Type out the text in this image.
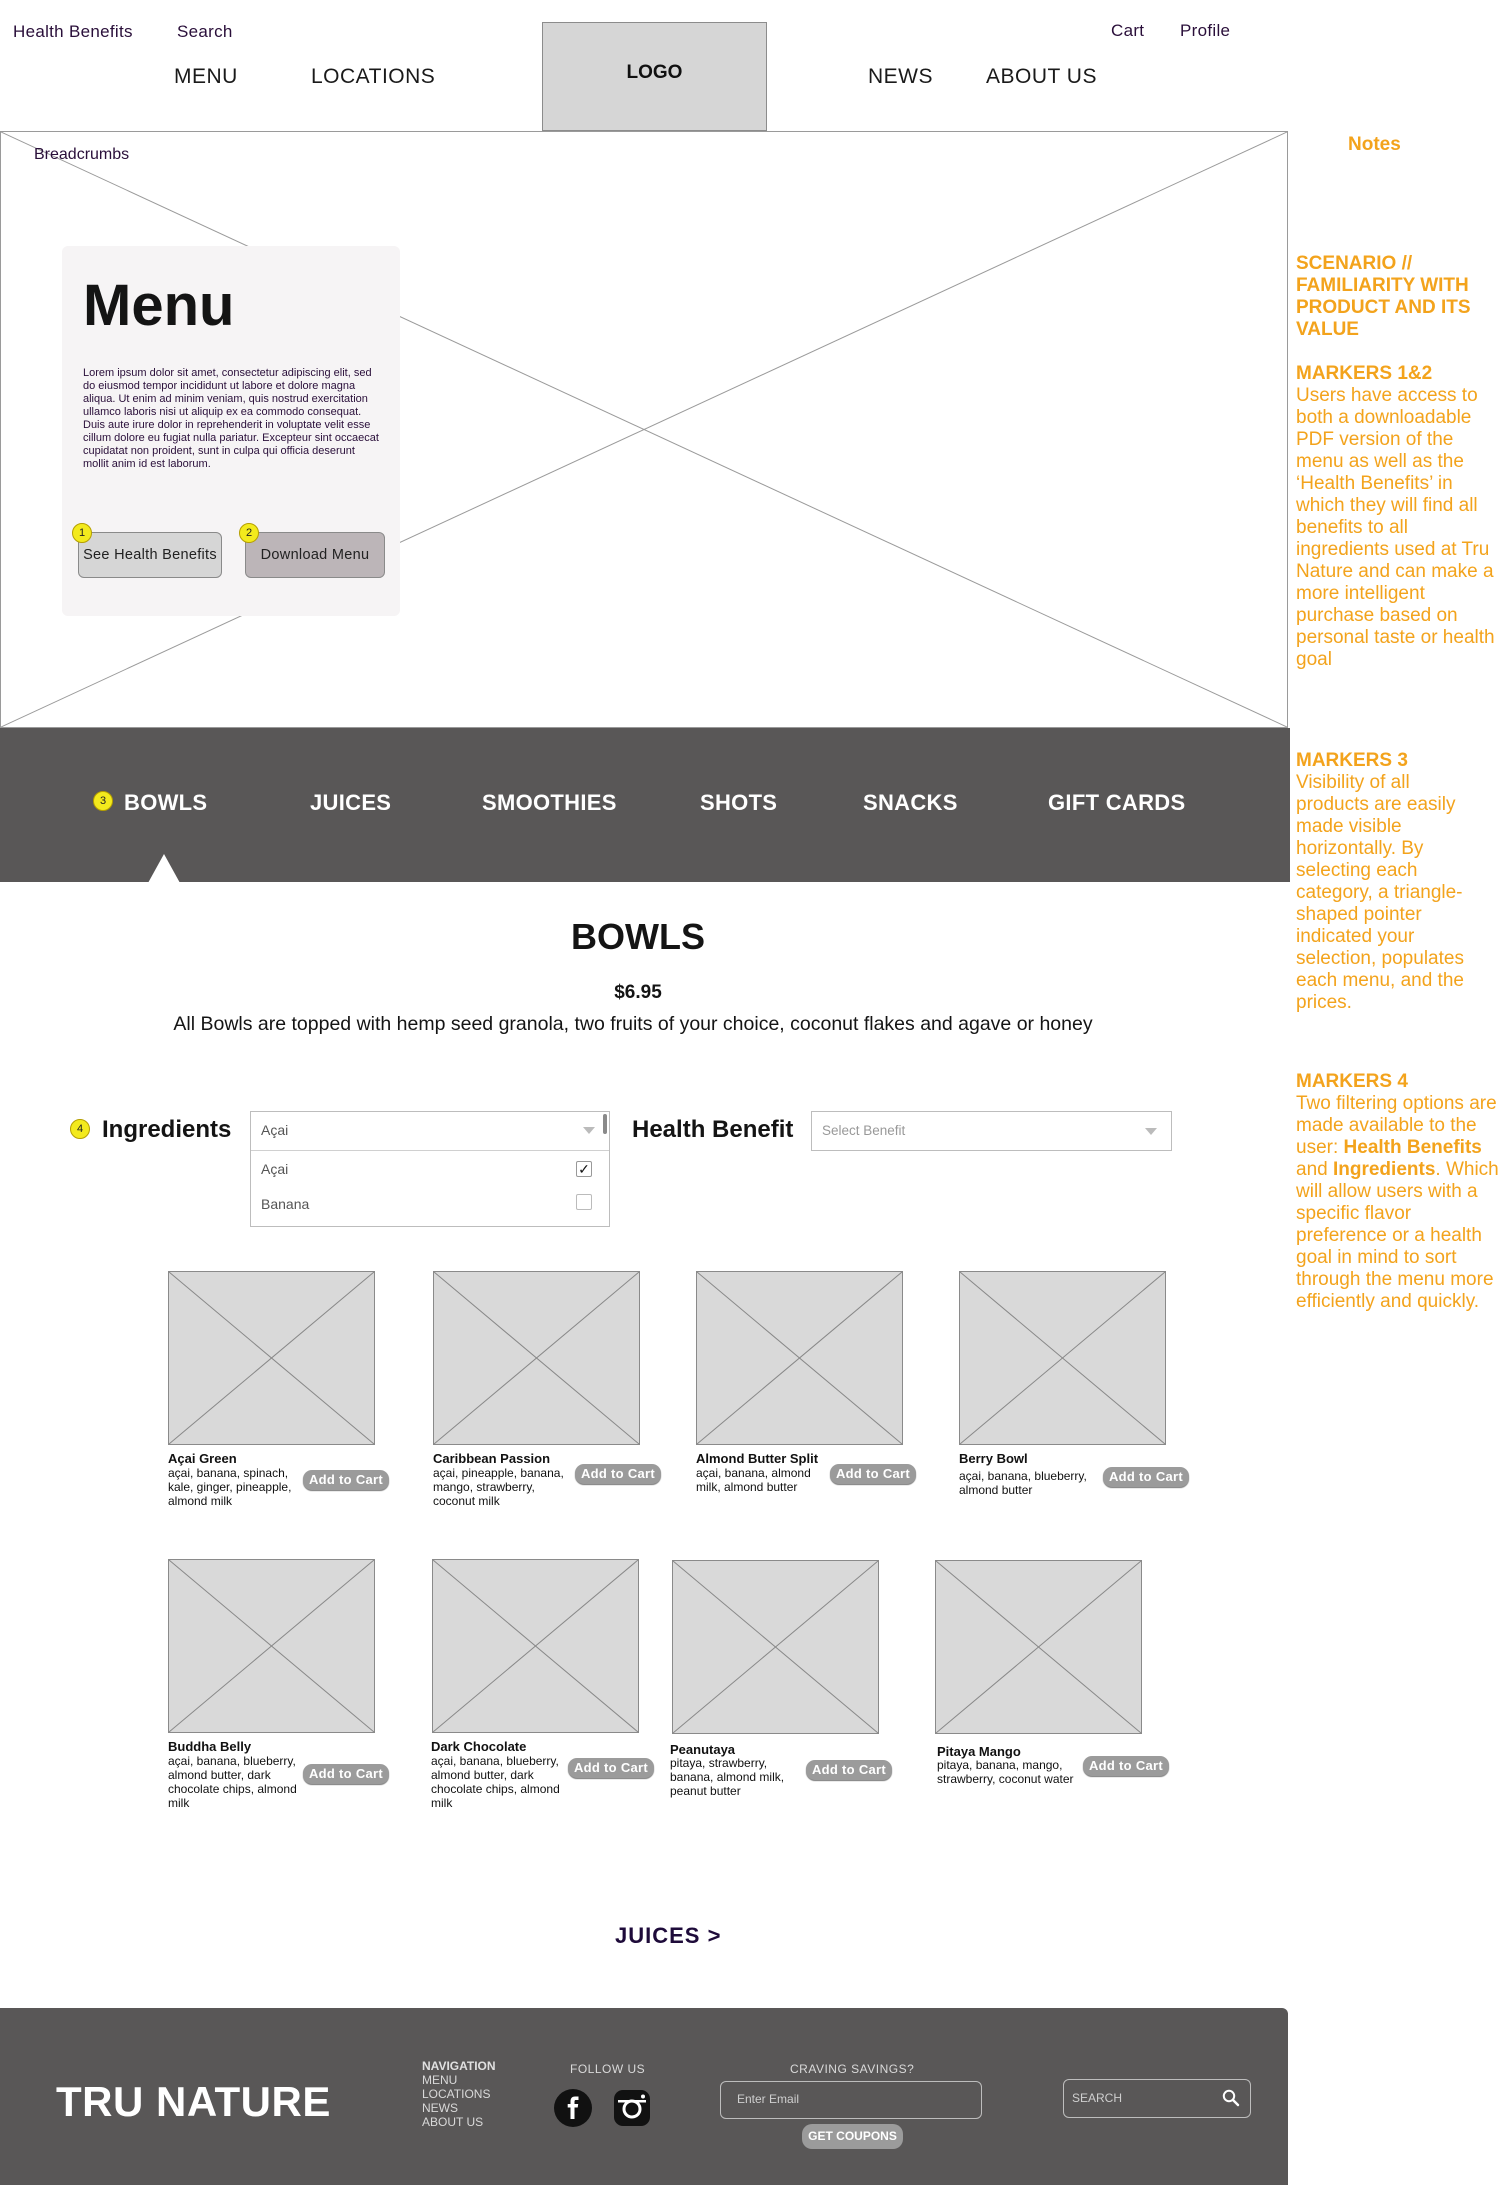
Health Benefits	Search	Cart Profile
MENU	LOCATIONS	NEWS	ABOUT US
LOGO
Breadcrumbs
Menu
Lorem ipsum dolor sit amet, consectetur adipiscing elit, sed do eiusmod tempor incididunt ut labore et dolore magna aliqua. Ut enim ad minim veniam, quis nostrud exercitation ullamco laboris nisi ut aliquip ex ea commodo consequat. Duis aute irure dolor in reprehenderit in voluptate velit esse cillum dolore eu fugiat nulla pariatur. Excepteur sint occaecat cupidatat non proident, sunt in culpa qui officia deserunt mollit anim id est laborum.
See Health Benefits	Download Menu
1	2
3 BOWLS	JUICES	SMOOTHIES	SHOTS	SNACKS	GIFT CARDS
BOWLS
$6.95
All Bowls are topped with hemp seed granola, two fruits of your choice, coconut flakes and agave or honey
4 Ingredients Açai
Açai	✓
Banana
Health Benefit Select Benefit
Açai Green
açai, banana, spinach, kale, ginger, pineapple, almond milk
Add to Cart
Caribbean Passion
açai, pineapple, banana, mango, strawberry, coconut milk
Add to Cart
Almond Butter Split
açai, banana, almond milk, almond butter
Add to Cart
Berry Bowl
açai, banana, blueberry, almond butter
Add to Cart
Buddha Belly
açai, banana, blueberry, almond butter, dark chocolate chips, almond milk
Add to Cart
Dark Chocolate
açai, banana, blueberry, almond butter, dark chocolate chips, almond milk
Add to Cart
Peanutaya
pitaya, strawberry, banana, almond milk, peanut butter
Add to Cart
Pitaya Mango
pitaya, banana, mango, strawberry, coconut water
Add to Cart
JUICES >
TRU NATURE
NAVIGATION
MENU
LOCATIONS
NEWS
ABOUT US
FOLLOW US	CRAVING SAVINGS?
Enter Email
GET COUPONS
SEARCH
Notes
SCENARIO // FAMILIARITY WITH PRODUCT AND ITS VALUE
MARKERS 1&2
Users have access to both a downloadable PDF version of the menu as well as the ‘Health Benefits’ in which they will find all benefits to all ingredients used at Tru Nature and can make a more intelligent purchase based on personal taste or health goal
MARKERS 3
Visibility of all products are easily made visible horizontally. By selecting each category, a triangle-shaped pointer indicated your selection, populates each menu, and the prices.
MARKERS 4
Two filtering options are made available to the user: Health Benefits and Ingredients. Which will allow users with a specific flavor preference or a health goal in mind to sort through the menu more efficiently and quickly.
